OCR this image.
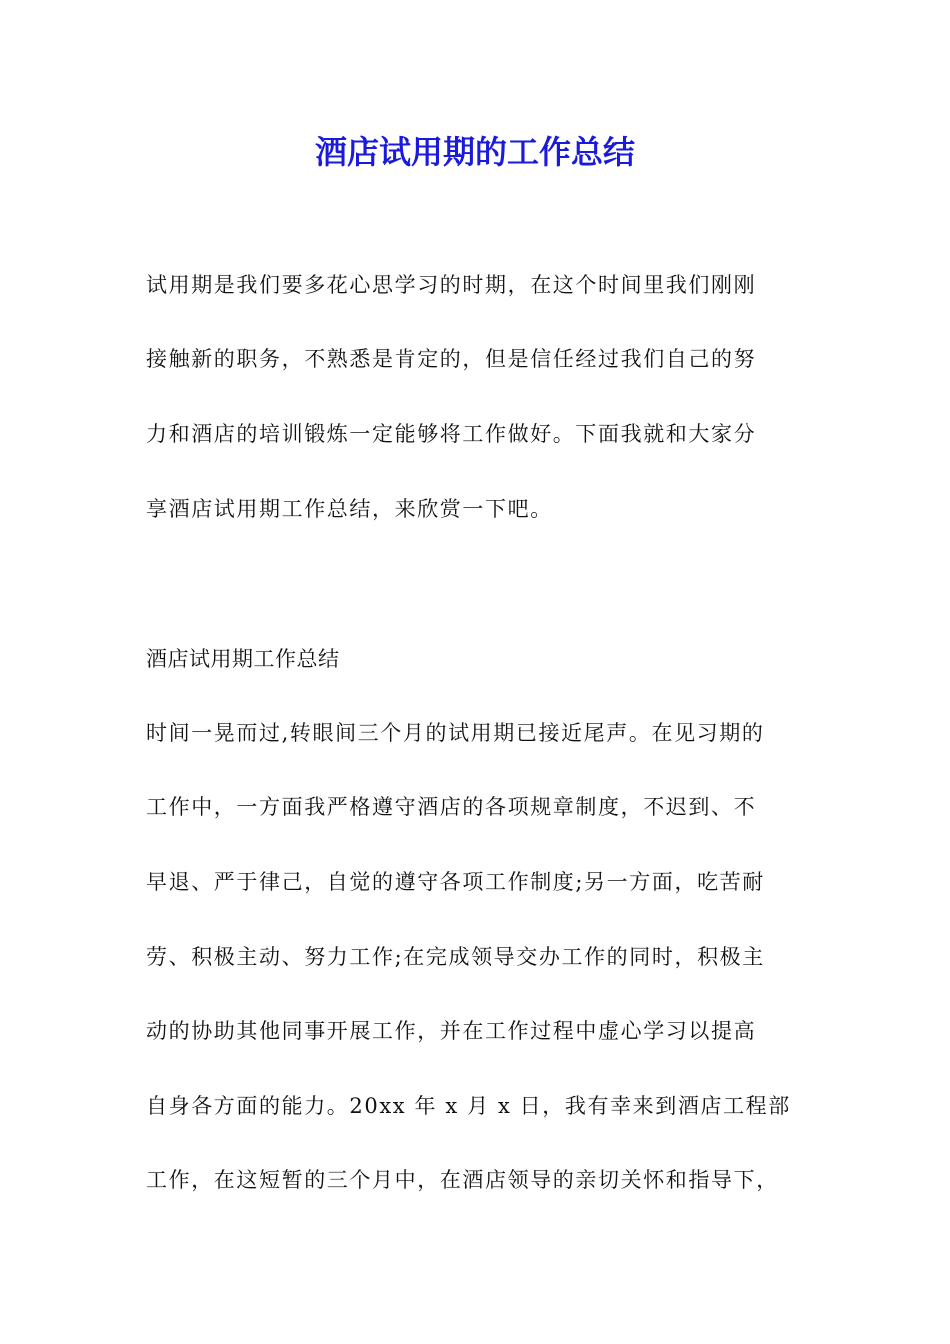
酒店试用期的工作总结
试用期是我们要多花心思学习的时期，在这个时间里我们刚刚
接触新的职务，不熟悉是肯定的，但是信任经过我们自己的努
力和酒店的培训锻炼一定能够将工作做好。下面我就和大家分
享酒店试用期工作总结，来欣赏一下吧。
酒店试用期工作总结
时间一晃而过,转眼间三个月的试用期已接近尾声。在见习期的
工作中，一方面我严格遵守酒店的各项规章制度，不迟到、不
早退、严于律己，自觉的遵守各项工作制度;另一方面，吃苦耐
劳、积极主动、努力工作;在完成领导交办工作的同时，积极主
动的协助其他同事开展工作，并在工作过程中虚心学习以提高
自身各方面的能力。20xx 年 x 月 x 日，我有幸来到酒店工程部
工作，在这短暂的三个月中，在酒店领导的亲切关怀和指导下，
